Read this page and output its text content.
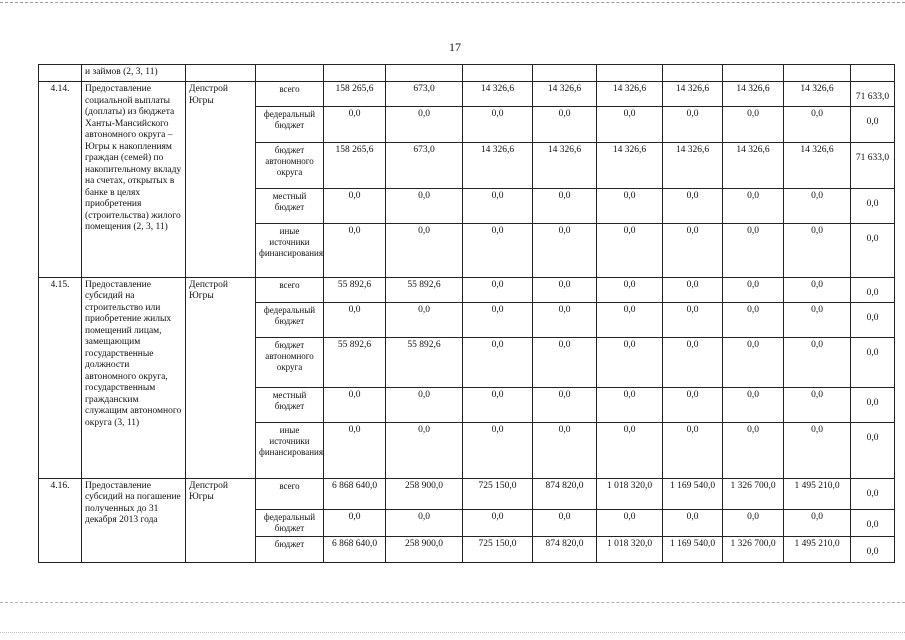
17
	и займов (2, 3, 11)											
4.14.	Предоставление социальной выплаты (доплаты) из бюджета Ханты-Мансийского автономного округа – Югры к накоплениям граждан (семей) по накопительному вкладу на счетах, открытых в банке в целях приобретения (строительства) жилого помещения (2, 3, 11)	Депстрой Югры	всего	158 265,6	673,0	14 326,6	14 326,6	14 326,6	14 326,6	14 326,6	14 326,6	71 633,0
			федеральный бюджет	0,0	0,0	0,0	0,0	0,0	0,0	0,0	0,0	0,0
			бюджет автономного округа	158 265,6	673,0	14 326,6	14 326,6	14 326,6	14 326,6	14 326,6	14 326,6	71 633,0
			местный бюджет	0,0	0,0	0,0	0,0	0,0	0,0	0,0	0,0	0,0
			иные источники финансирования	0,0	0,0	0,0	0,0	0,0	0,0	0,0	0,0	0,0
4.15.	Предоставление субсидий на строительство или приобретение жилых помещений лицам, замещающим государственные должности автономного округа, государственным гражданским служащим автономного округа (3, 11)	Депстрой Югры	всего	55 892,6	55 892,6	0,0	0,0	0,0	0,0	0,0	0,0	0,0
			федеральный бюджет	0,0	0,0	0,0	0,0	0,0	0,0	0,0	0,0	0,0
			бюджет автономного округа	55 892,6	55 892,6	0,0	0,0	0,0	0,0	0,0	0,0	0,0
			местный бюджет	0,0	0,0	0,0	0,0	0,0	0,0	0,0	0,0	0,0
			иные источники финансирования	0,0	0,0	0,0	0,0	0,0	0,0	0,0	0,0	0,0
4.16.	Предоставление субсидий на погашение полученных до 31 декабря 2013 года	Депстрой Югры	всего	6 868 640,0	258 900,0	725 150,0	874 820,0	1 018 320,0	1 169 540,0	1 326 700,0	1 495 210,0	0,0
			федеральный бюджет	0,0	0,0	0,0	0,0	0,0	0,0	0,0	0,0	0,0
			бюджет	6 868 640,0	258 900,0	725 150,0	874 820,0	1 018 320,0	1 169 540,0	1 326 700,0	1 495 210,0	0,0
